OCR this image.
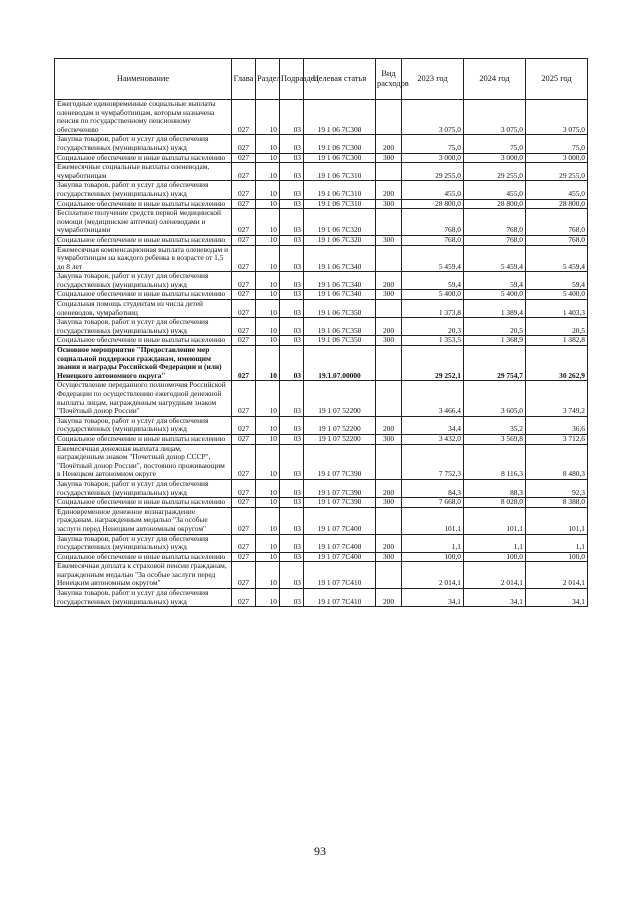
Наименование	Глава	Раздел	Подраздел	Целевая статья	Вид расходов	2023 год	2024 год	2025 год
Ежегодные единовременные социальные выплаты оленеводам и чумработницам, которым назначена пенсия по государственному пенсионному обеспечению	027	10	03	19 1 06 7С300		3 075,0	3 075,0	3 075,0
Закупка товаров, работ и услуг для обеспечения государственных (муниципальных) нужд	027	10	03	19 1 06 7С300	200	75,0	75,0	75,0
Социальное обеспечение и иные выплаты населению	027	10	03	19 1 06 7С300	300	3 000,0	3 000,0	3 000,0
Ежемесячные социальные выплаты оленеводам, чумработницам	027	10	03	19 1 06 7С310		29 255,0	29 255,0	29 255,0
Закупка товаров, работ и услуг для обеспечения государственных (муниципальных) нужд	027	10	03	19 1 06 7С310	200	455,0	455,0	455,0
Социальное обеспечение и иные выплаты населению	027	10	03	19 1 06 7С310	300	28 800,0	28 800,0	28 800,0
Бесплатное получение средств первой медицинской помощи (медицинские аптечки) оленеводами и чумработницами	027	10	03	19 1 06 7С320		768,0	768,0	768,0
Социальное обеспечение и иные выплаты населению	027	10	03	19 1 06 7С320	300	768,0	768,0	768,0
Ежемесячная компенсационная выплата оленеводам и чумработницам на каждого ребенка в возрасте от 1,5 до 8 лет	027	10	03	19 1 06 7С340		5 459,4	5 459,4	5 459,4
Закупка товаров, работ и услуг для обеспечения государственных (муниципальных) нужд	027	10	03	19 1 06 7С340	200	59,4	59,4	59,4
Социальное обеспечение и иные выплаты населению	027	10	03	19 1 06 7С340	300	5 400,0	5 400,0	5 400,0
Социальная помощь студентам из числа детей оленеводов, чумработниц	027	10	03	19 1 06 7С350		1 373,8	1 389,4	1 403,3
Закупка товаров, работ и услуг для обеспечения государственных (муниципальных) нужд	027	10	03	19 1 06 7С350	200	20,3	20,5	20,5
Социальное обеспечение и иные выплаты населению	027	10	03	19 1 06 7С350	300	1 353,5	1 368,9	1 382,8
Основное мероприятие "Предоставление мер социальной поддержки гражданам, имеющим звания и награды Российской Федерации и (или) Ненецкого автономного округа"	027	10	03	19.1.07.00000		29 252,1	29 754,7	30 262,9
Осуществление переданного полномочия Российской Федерации по осуществлению ежегодной денежной выплаты лицам, награжденным нагрудным знаком "Почётный донор России"	027	10	03	19 1 07 52200		3 466,4	3 605,0	3 749,2
Закупка товаров, работ и услуг для обеспечения государственных (муниципальных) нужд	027	10	03	19 1 07 52200	200	34,4	35,2	36,6
Социальное обеспечение и иные выплаты населению	027	10	03	19 1 07 52200	300	3 432,0	3 569,8	3 712,6
Ежемесячная денежная выплата лицам, награжденным знаком "Почетный донор СССР", "Почётный донор России", постоянно проживающим в Ненецком автономном округе	027	10	03	19 1 07 7С390		7 752,3	8 116,3	8 480,3
Закупка товаров, работ и услуг для обеспечения государственных (муниципальных) нужд	027	10	03	19 1 07 7С390	200	84,3	88,3	92,3
Социальное обеспечение и иные выплаты населению	027	10	03	19 1 07 7С390	300	7 668,0	8 028,0	8 388,0
Единовременное денежное вознаграждение гражданам, награжденным медалью "За особые заслуги перед Ненецким автономным округом"	027	10	03	19 1 07 7С400		101,1	101,1	101,1
Закупка товаров, работ и услуг для обеспечения государственных (муниципальных) нужд	027	10	03	19 1 07 7С400	200	1,1	1,1	1,1
Социальное обеспечение и иные выплаты населению	027	10	03	19 1 07 7С400	300	100,0	100,0	100,0
Ежемесячная доплата к страховой пенсии гражданам, награжденным медалью "За особые заслуги перед Ненецким автономным округом"	027	10	03	19 1 07 7С410		2 014,1	2 014,1	2 014,1
Закупка товаров, работ и услуг для обеспечения государственных (муниципальных) нужд	027	10	03	19 1 07 7С410	200	34,1	34,1	34,1
93
